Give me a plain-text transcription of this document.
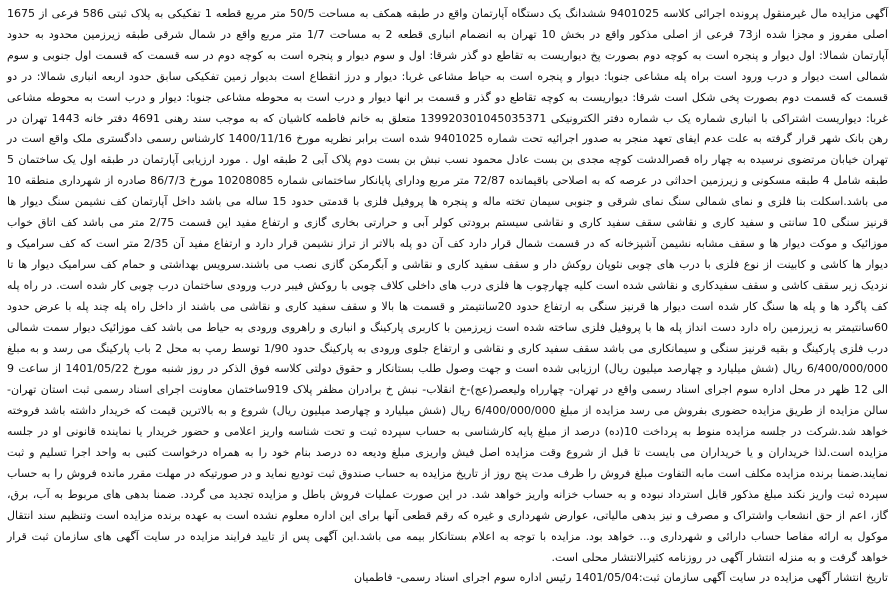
آگهی مزایده مال غیرمنقول پرونده اجرائی کلاسه 9401025 ششدانگ یک دستگاه آپارتمان واقع در طبقه همکف به مساحت 50/5 متر مربع قطعه 1 تفکیکی به پلاک ثبتی 586 فرعی از 1675 اصلی مفروز و مجزا شده از73 فرعی از اصلی مذکور واقع در بخش 10 تهران به انضمام انباری قطعه 2 به مساحت 1/7 متر مربع واقع در شمال شرقی طبقه زیرزمین محدود به حدود آپارتمان شمالا: اول دیوار و پنجره است به کوچه دوم بصورت پخ دیواریست به تقاطع دو گذر شرقا: اول و سوم دیوار و پنجره است به کوچه دوم در سه قسمت که قسمت اول جنوبی و سوم شمالی است دیوار و درب ورود است براه پله مشاعی جنوبا: دیوار و پنجره است به حیاط مشاعی غربا: دیوار و درز انقطاع است بدیوار زمین تفکیکی سابق حدود اربعه انباری شمالا: در دو قسمت که قسمت دوم بصورت پخی شکل است شرقا: دیواریست به کوچه تقاطع دو گذر و قسمت بر انها دیوار و درب است به محوطه مشاعی جنوبا: دیوار و درب است به محوطه مشاعی غربا: دیواریست اشتراکی با انباری شماره یک ب شماره دفتر الکترونیکی 139920301045035371 متعلق به خانم فاطمه کاشیان که به موجب سند رهنی 4691 دفتر خانه 1443 تهران در رهن بانک شهر قرار گرفته به علت عدم ایفای تعهد منجر به صدور اجرائیه تحت شماره 9401025 شده است برابر نظریه مورخ 1400/11/16 کارشناس رسمی دادگستری ملک واقع است در تهران خیابان مرتضوی نرسیده به چهار راه قصرالدشت کوچه مجدی بن بست عادل محمود نسب نبش بن بست دوم پلاک آبی 2 طبقه اول . مورد ارزیابی آپارتمان در طبقه اول یک ساختمان 5 طبقه شامل 4 طبقه مسکونی و زیرزمین احداثی در عرصه که به اصلاحی باقیمانده 72/87 متر مربع ودارای پایانکار ساختمانی شماره 10208085 مورخ 86/7/3 صادره از شهرداری منطقه 10 می باشد.اسکلت بنا فلزی و نمای شمالی سنگ نمای شرقی و جنوبی سیمان تخته ماله و پنجره ها پروفیل فلزی با قدمتی حدود 15 ساله می باشد داخل آپارتمان کف نشیمن سنگ دیوار ها قرنیز سنگی 10 سانتی و سفید کاری و نقاشی سقف سفید کاری و نقاشی سیستم برودتی کولر آبی و حرارتی بخاری گازی و ارتفاع مفید این قسمت 2/75 متر می باشد کف اتاق خواب موزائیک و موکت دیوار ها و سقف مشابه نشیمن آشپزخانه که در قسمت شمال قرار دارد کف آن دو پله بالاتر از تراز نشیمن قرار دارد و ارتفاع مفید آن 2/35 متر است که کف سرامیک و دیوار ها کاشی و کابینت از نوع فلزی با درب های چوبی نئوپان روکش دار و سقف سفید کاری و نقاشی و آبگرمکن گازی نصب می باشند.سرویس بهداشتی و حمام کف سرامیک دیوار ها تا نزدیک زیر سقف کاشی و سقف سفیدکاری و نقاشی شده است کلیه چهارچوب ها فلزی درب های داخلی کلاف چوبی با روکش فیبر درب ورودی ساختمان درب چوبی کار شده است. در راه پله کف پاگرد ها و پله ها سنگ کار شده است دیوار ها قرنیز سنگی به ارتفاع حدود 20سانتیمتر و قسمت ها بالا و سقف سفید کاری و نقاشی می باشند از داخل راه پله چند پله با عرض حدود 60سانتیمتر به زیرزمین راه دارد دست انداز پله ها با پروفیل فلزی ساخته شده است زیرزمین با کاربری پارکینگ و انباری و راهروی ورودی به حیاط می باشد کف موزائیک دیوار سمت شمالی درب فلزی پارکینگ و بقیه قرنیز سنگی و سیمانکاری می باشد سقف سفید کاری و نقاشی و ارتفاع جلوی ورودی به پارکینگ حدود 1/90 توسط رمپ به محل 2 باب پارکینگ می رسد و به مبلغ 6/400/000/000 ریال (شش میلیارد و چهارصد میلیون ریال) ارزیابی شده است و جهت وصول طلب بستانکار و حقوق دولتی کلاسه فوق الذکر در روز شنبه مورخ 1401/05/22 از ساعت 9 الی 12 ظهر در محل اداره سوم اجرای اسناد رسمی واقع در تهران- چهارراه ولیعصر(عج)-خ انقلاب- نبش خ برادران مظفر پلاک 919ساختمان معاونت اجرای اسناد رسمی ثبت استان تهران- سالن مزایده از طریق مزایده حضوری بفروش می رسد مزایده از مبلغ 6/400/000/000 ریال (شش میلیارد و چهارصد میلیون ریال) شروع و به بالاترین قیمت که خریدار داشته باشد فروخته خواهد شد.شرکت در جلسه مزایده منوط به پرداخت 10(ده) درصد از مبلغ پایه کارشناسی به حساب سپرده ثبت و تحت شناسه واریز اعلامی و حضور خریدار یا نماینده قانونی او در جلسه مزایده است.لذا خریداران و یا خریداران می بایست تا قبل از شروع وقت مزایده اصل فیش واریزی مبلغ ودیعه ده درصد بنام خود را به همراه درخواست کتبی به واحد اجرا تسلیم و ثبت نمایند.ضمنا برنده مزایده مکلف است مابه التفاوت مبلغ فروش را ظرف مدت پنج روز از تاریخ مزایده به حساب صندوق ثبت تودیع نماید و در صورتیکه در مهلت مقرر مانده فروش را به حساب سپرده ثبت واریز نکند مبلغ مذکور قابل استرداد نبوده و به حساب خزانه واریز خواهد شد. در این صورت عملیات فروش باطل و مزایده تجدید می گردد. ضمنا بدهی های مربوط به آب، برق، گاز، اعم از حق انشعاب واشتراک و مصرف و نیز بدهی مالیاتی، عوارض شهرداری و غیره که رقم قطعی آنها برای این اداره معلوم نشده است به عهده برنده مزایده است وتنظیم سند انتقال موکول به ارائه مفاصا حساب دارائی و شهرداری و... خواهد بود. مزایده با توجه به اعلام بستانکار بیمه می باشد.این آگهی پس از تایید فرایند مزایده در سایت آگهی های سازمان ثبت قرار خواهد گرفت و به منزله انتشار آگهی در روزنامه کثیرالانتشار محلی است.

تاریخ انتشار آگهی مزایده در سایت آگهی سازمان ثبت:1401/05/04 رئیس اداره سوم اجرای اسناد رسمی- فاطمیان
